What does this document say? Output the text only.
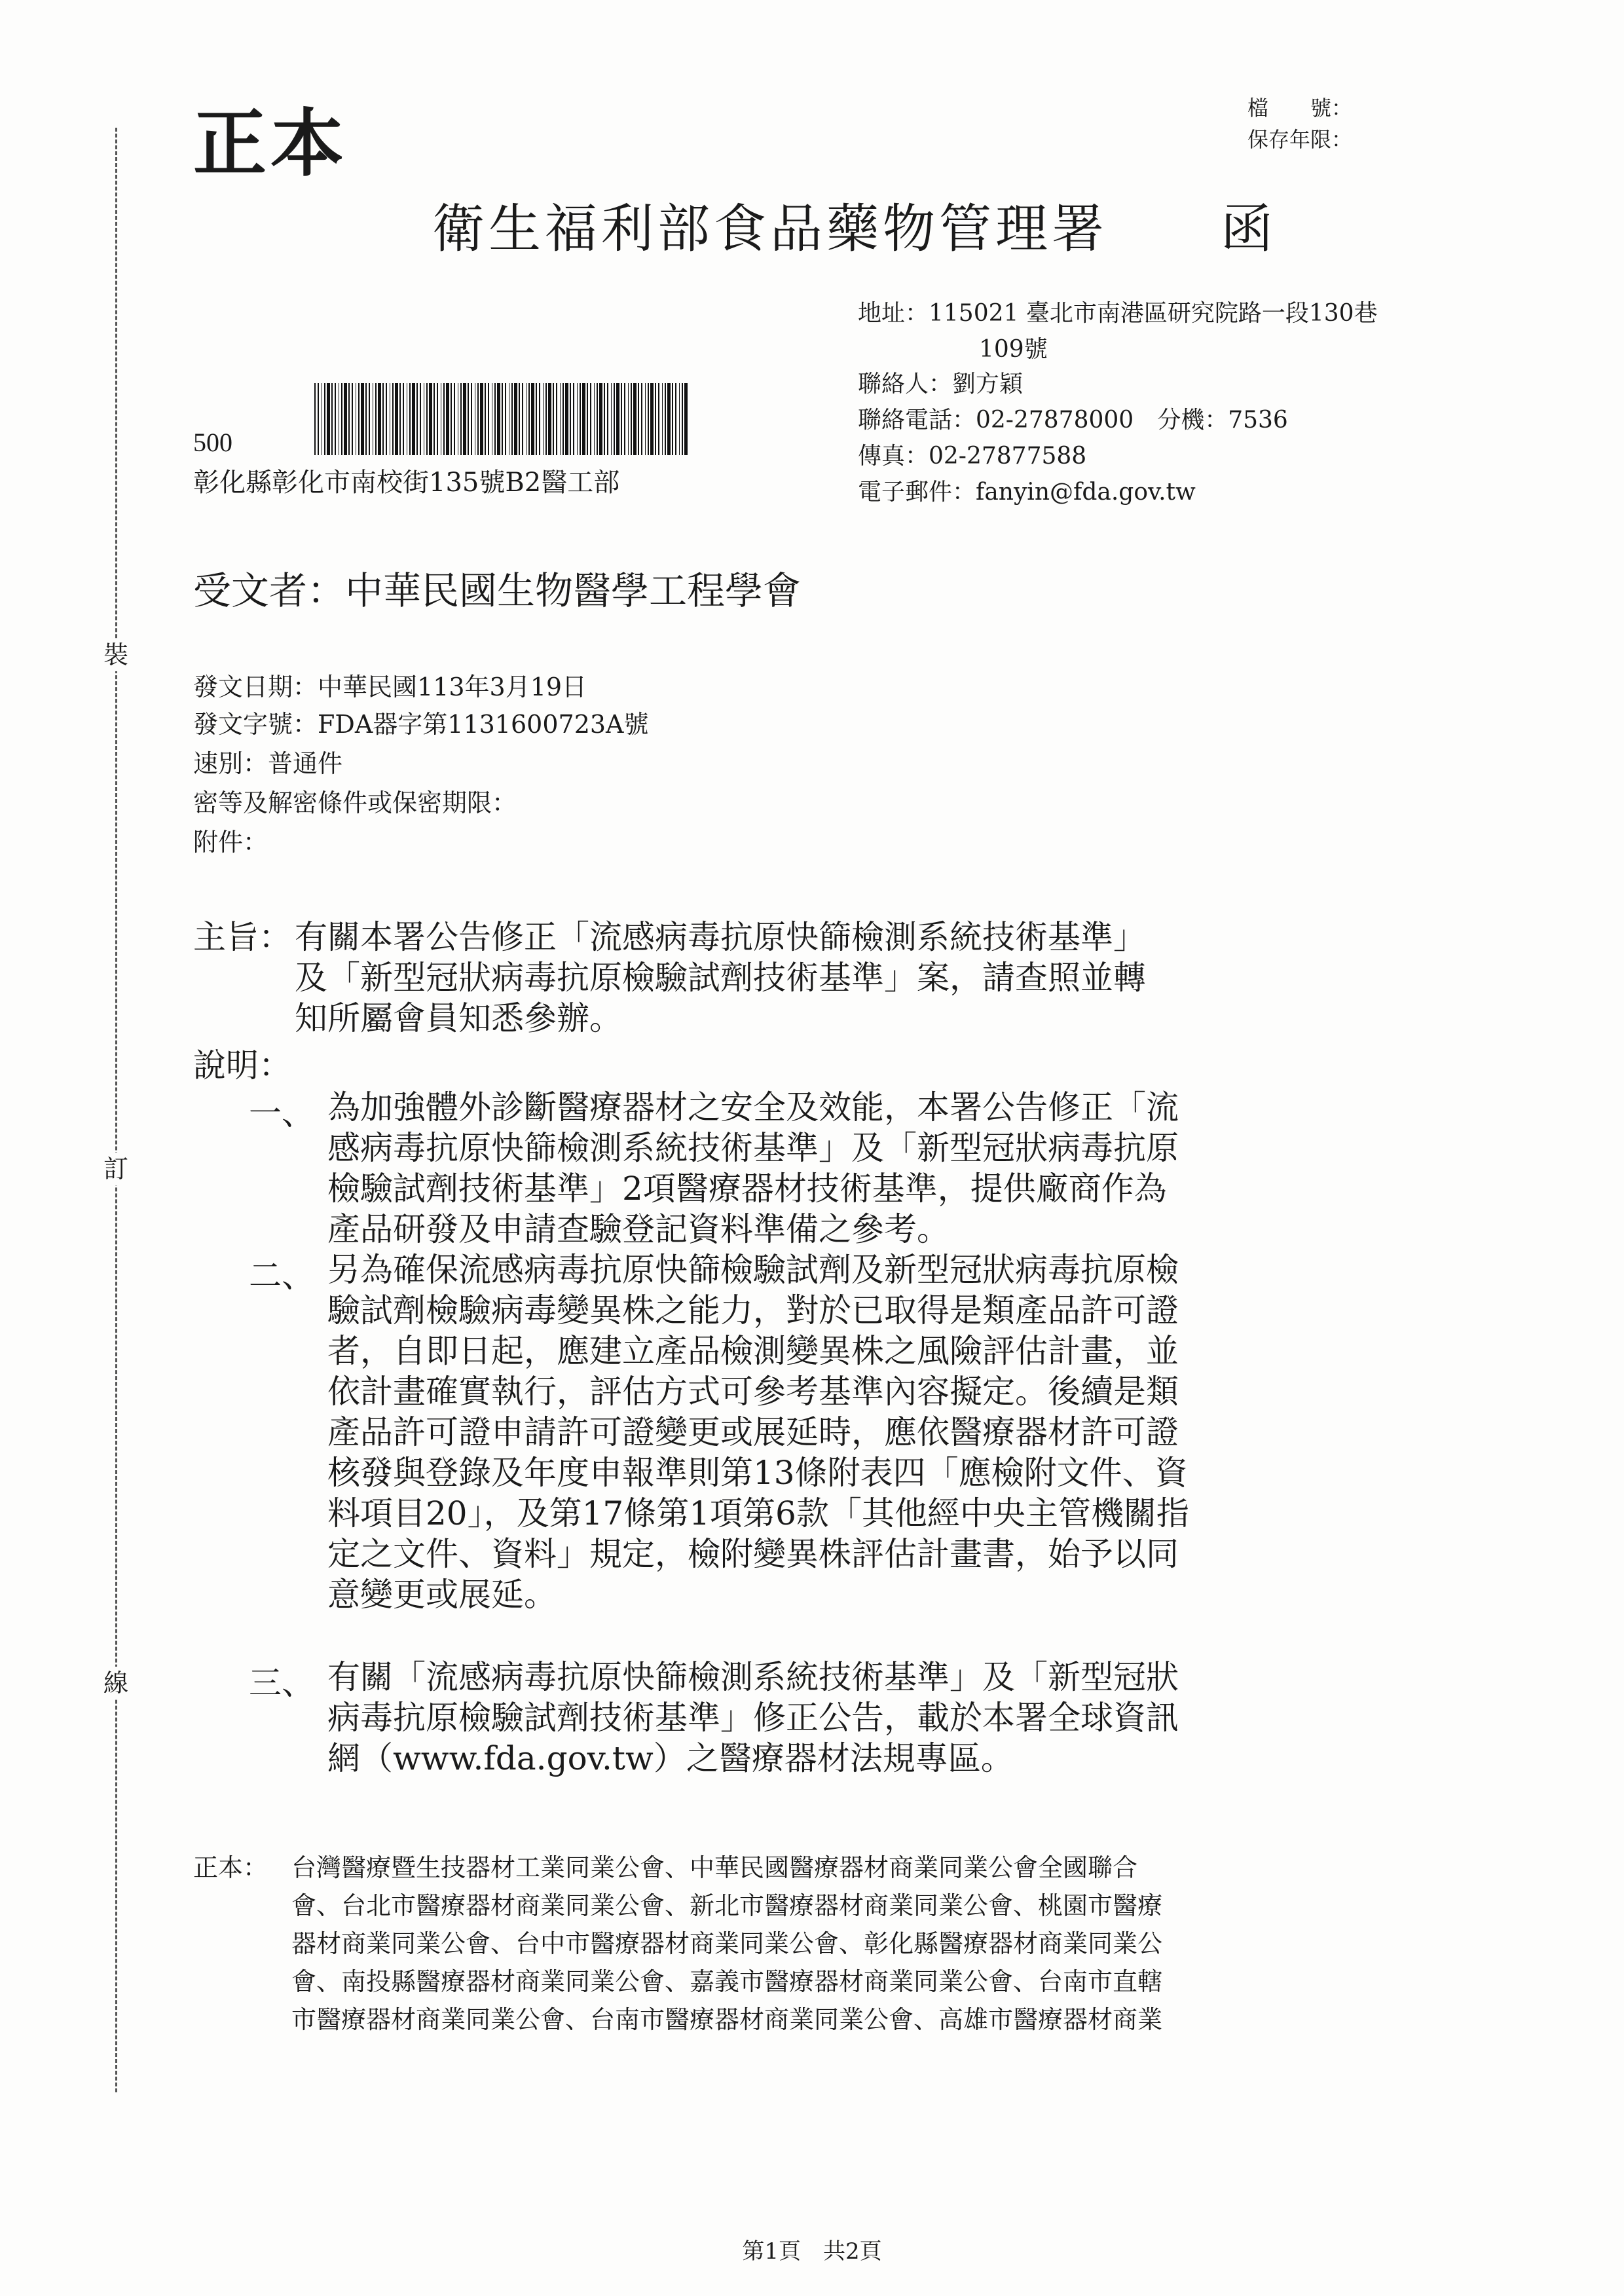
裝
訂
線
正本	檔　　號：
保存年限：
衛生福利部食品藥物管理署　　函
500
彰化縣彰化市南校街135號B2醫工部
地址：115021 臺北市南港區研究院路一段130巷
109號
聯絡人：劉方穎
聯絡電話：02-27878000　分機：7536
傳真：02-27877588
電子郵件：fanyin@fda.gov.tw
受文者：中華民國生物醫學工程學會
發文日期：中華民國113年3月19日
發文字號：FDA器字第1131600723A號
速別：普通件
密等及解密條件或保密期限：
附件：
主旨： 有關本署公告修正「流感病毒抗原快篩檢測系統技術基準」
及「新型冠狀病毒抗原檢驗試劑技術基準」案，請查照並轉
知所屬會員知悉參辦。
說明：
一、 為加強體外診斷醫療器材之安全及效能，本署公告修正「流
感病毒抗原快篩檢測系統技術基準」及「新型冠狀病毒抗原
檢驗試劑技術基準」2項醫療器材技術基準，提供廠商作為
產品研發及申請查驗登記資料準備之參考。
二、 另為確保流感病毒抗原快篩檢驗試劑及新型冠狀病毒抗原檢
驗試劑檢驗病毒變異株之能力，對於已取得是類產品許可證
者，自即日起，應建立產品檢測變異株之風險評估計畫，並
依計畫確實執行，評估方式可參考基準內容擬定。後續是類
產品許可證申請許可證變更或展延時，應依醫療器材許可證
核發與登錄及年度申報準則第13條附表四「應檢附文件、資
料項目20」，及第17條第1項第6款「其他經中央主管機關指
定之文件、資料」規定，檢附變異株評估計畫書，始予以同
意變更或展延。
三、 有關「流感病毒抗原快篩檢測系統技術基準」及「新型冠狀
病毒抗原檢驗試劑技術基準」修正公告，載於本署全球資訊
網（www.fda.gov.tw）之醫療器材法規專區。
正本： 台灣醫療暨生技器材工業同業公會、中華民國醫療器材商業同業公會全國聯合
會、台北市醫療器材商業同業公會、新北市醫療器材商業同業公會、桃園市醫療
器材商業同業公會、台中市醫療器材商業同業公會、彰化縣醫療器材商業同業公
會、南投縣醫療器材商業同業公會、嘉義市醫療器材商業同業公會、台南市直轄
市醫療器材商業同業公會、台南市醫療器材商業同業公會、高雄市醫療器材商業
第1頁　共2頁
